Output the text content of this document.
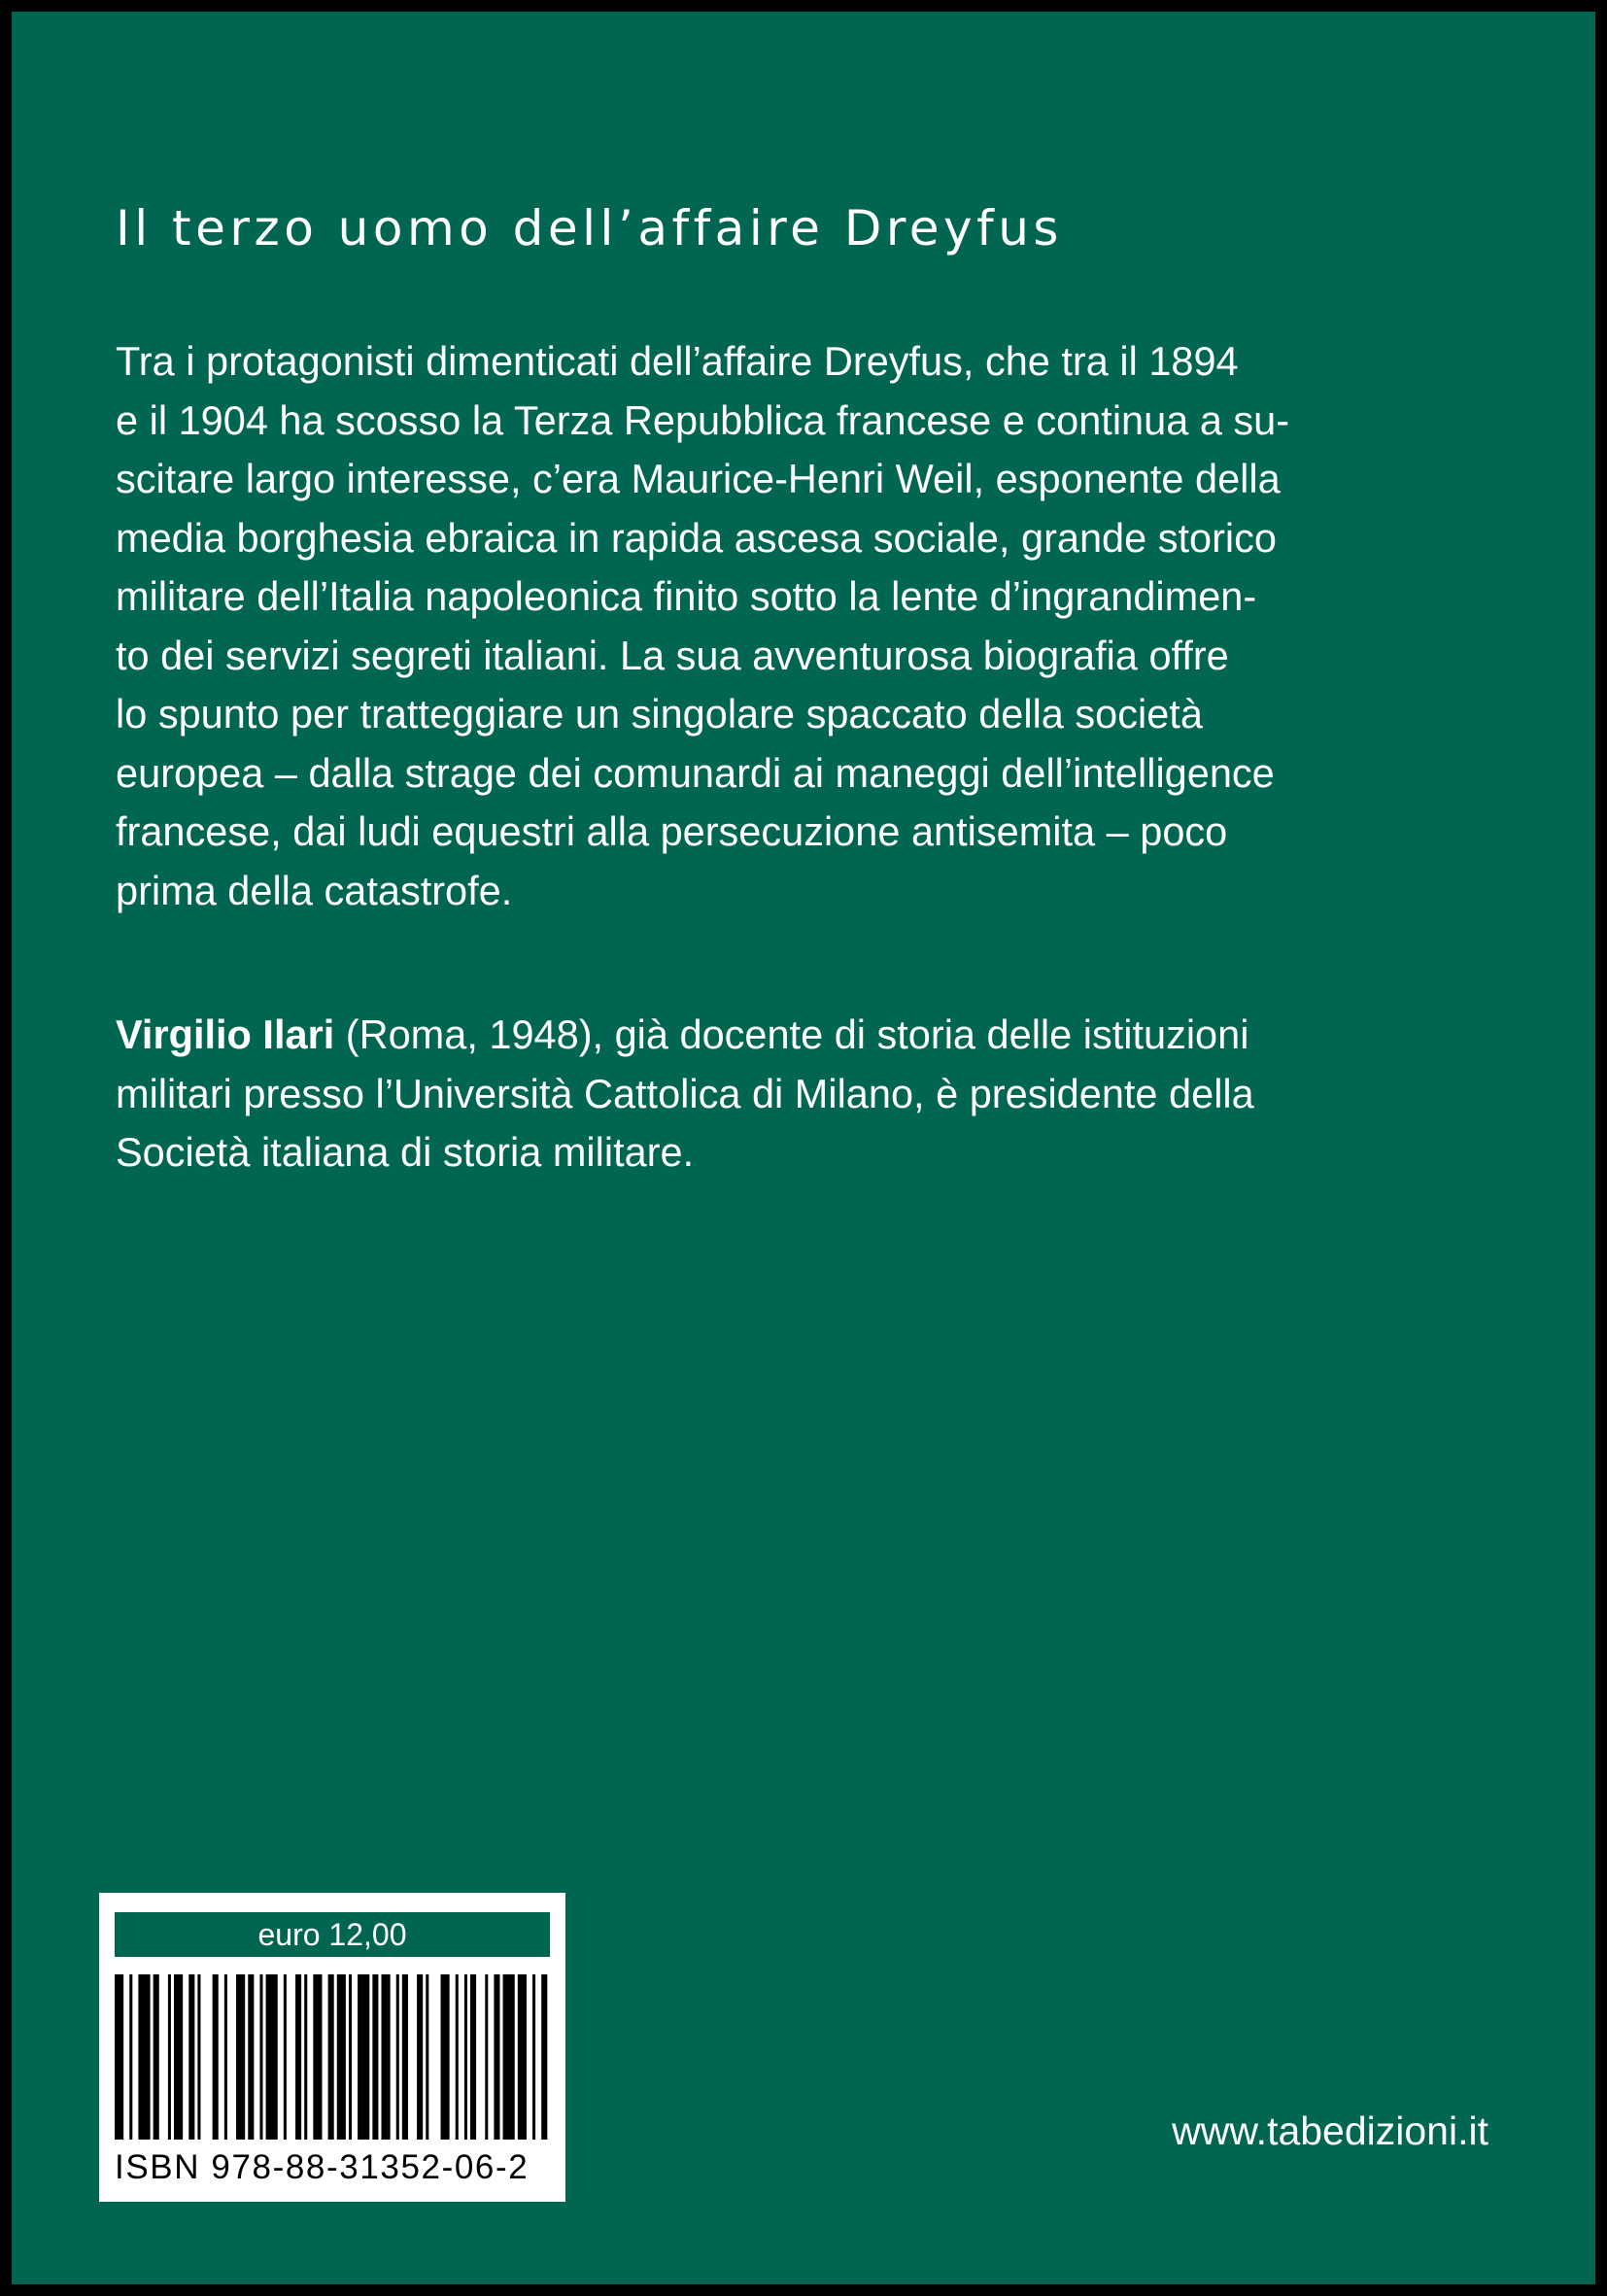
Il terzo uomo dell’affaire Dreyfus

Tra i protagonisti dimenticati dell’affaire Dreyfus, che tra il 1894
e il 1904 ha scosso la Terza Repubblica francese e continua a su-
scitare largo interesse, c’era Maurice-Henri Weil, esponente della
media borghesia ebraica in rapida ascesa sociale, grande storico
militare dell’Italia napoleonica finito sotto la lente d’ingrandimen-
to dei servizi segreti italiani. La sua avventurosa biografia offre
lo spunto per tratteggiare un singolare spaccato della società
europea – dalla strage dei comunardi ai maneggi dell’intelligence
francese, dai ludi equestri alla persecuzione antisemita – poco
prima della catastrofe.

Virgilio Ilari (Roma, 1948), già docente di storia delle istituzioni
militari presso l’Università Cattolica di Milano, è presidente della
Società italiana di storia militare.

euro 12,00
ISBN 978-88-31352-06-2
www.tabedizioni.it
